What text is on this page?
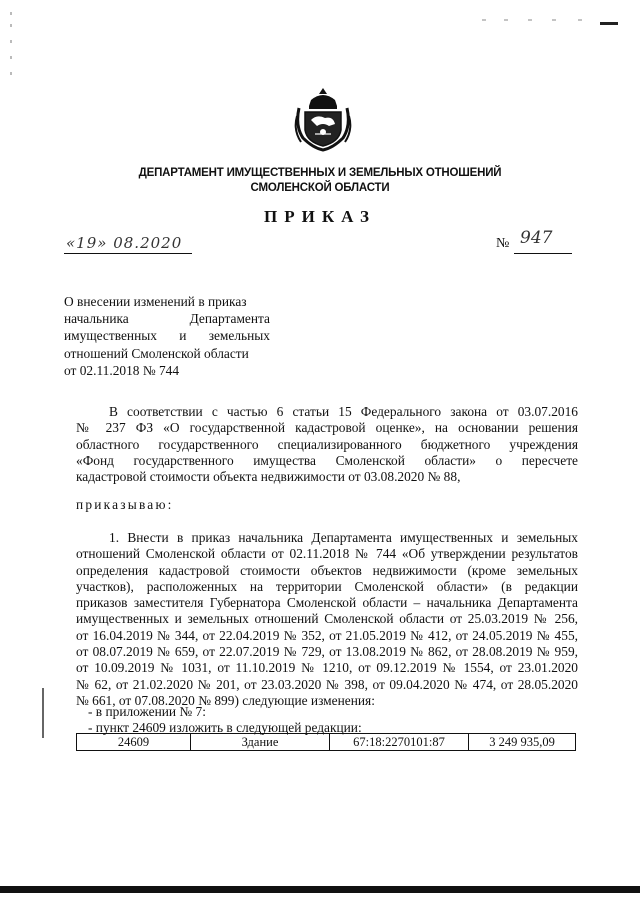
ДЕПАРТАМЕНТ ИМУЩЕСТВЕННЫХ И ЗЕМЕЛЬНЫХ ОТНОШЕНИЙ
СМОЛЕНСКОЙ ОБЛАСТИ
ПРИКАЗ
«19» 08.2020	№ 947
О внесении изменений в приказ
начальника Департамента
имущественных и земельных
отношений Смоленской области
от 02.11.2018 № 744
В соответствии с частью 6 статьи 15 Федерального закона от 03.07.2016
№ 237 ФЗ «О государственной кадастровой оценке», на основании решения
областного государственного специализированного бюджетного учреждения
«Фонд государственного имущества Смоленской области» о пересчете
кадастровой стоимости объекта недвижимости от 03.08.2020 № 88,
приказываю:
1. Внести в приказ начальника Департамента имущественных и земельных
отношений Смоленской области от 02.11.2018 № 744 «Об утверждении результатов
определения кадастровой стоимости объектов недвижимости (кроме земельных
участков), расположенных на территории Смоленской области» (в редакции
приказов заместителя Губернатора Смоленской области – начальника Департамента
имущественных и земельных отношений Смоленской области от 25.03.2019 № 256,
от 16.04.2019 № 344, от 22.04.2019 № 352, от 21.05.2019 № 412, от 24.05.2019 № 455,
от 08.07.2019 № 659, от 22.07.2019 № 729, от 13.08.2019 № 862, от 28.08.2019 № 959,
от 10.09.2019 № 1031, от 11.10.2019 № 1210, от 09.12.2019 № 1554, от 23.01.2020
№ 62, от 21.02.2020 № 201, от 23.03.2020 № 398, от 09.04.2020 № 474, от 28.05.2020
№ 661, от 07.08.2020 № 899) следующие изменения:
- в приложении № 7:
- пункт 24609 изложить в следующей редакции:
24609	Здание	67:18:2270101:87	3 249 935,09
